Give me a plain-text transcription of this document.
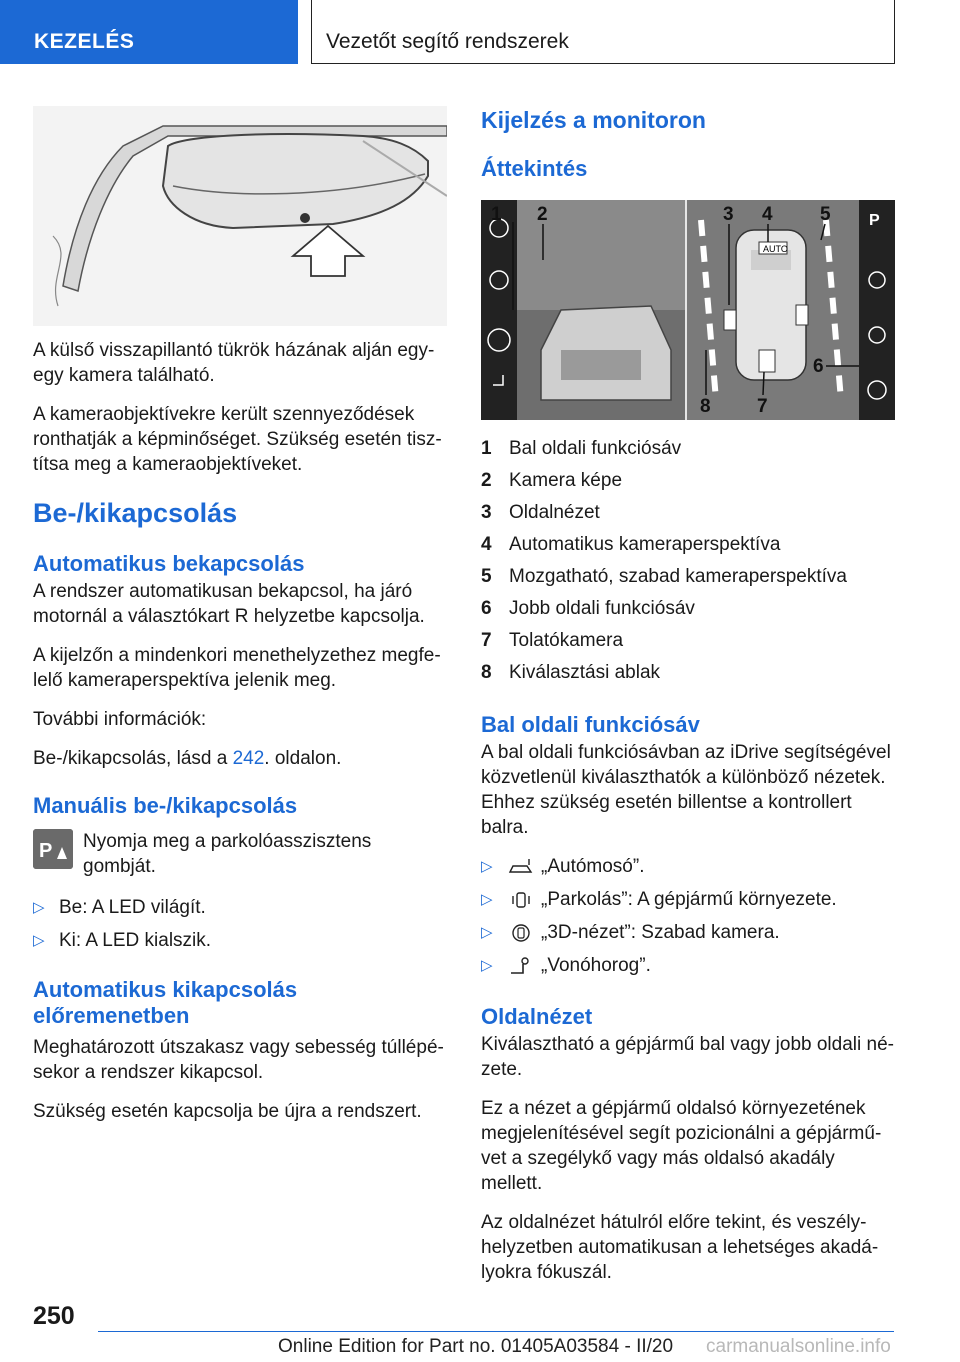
KEZELÉS	Vezetőt segítő rendszerek

A külső visszapillantó tükrök házának alján egy-egy kamera található.

A kameraobjektívekre került szennyeződések ronthatják a képminőséget. Szükség esetén tisz-títsa meg a kameraobjektíveket.

Be-/kikapcsolás
Automatikus bekapcsolás

A rendszer automatikusan bekapcsol, ha járó motornál a választókart R helyzetbe kapcsolja.

A kijelzőn a mindenkori menethelyzethez megfe-lelő kameraperspektíva jelenik meg.

További információk:

Be-/kikapcsolás, lásd a 242. oldalon.

Manuális be-/kikapcsolás
P Nyomja meg a parkolóasszisztens gombját.
▷ Be: A LED világít.
▷ Ki: A LED kialszik.
Automatikus kikapcsolás előremenetben

Meghatározott útszakasz vagy sebesség túllépé-sekor a rendszer kikapcsol.

Szükség esetén kapcsolja be újra a rendszert.

Kijelzés a monitoron
Áttekintés
AUTO
P
1 2	3 4 5
6
7
8
1 Bal oldali funkciósáv
2 Kamera képe
3 Oldalnézet
4 Automatikus kameraperspektíva
5 Mozgatható, szabad kameraperspektíva
6 Jobb oldali funkciósáv
7 Tolatókamera
8 Kiválasztási ablak
Bal oldali funkciósáv

A bal oldali funkciósávban az iDrive segítségével közvetlenül kiválaszthatók a különböző nézetek. Ehhez szükség esetén billentse a kontrollert balra.

▷	„Autómosó”.
▷	„Parkolás”: A gépjármű környezete.
▷	„3D-nézet”: Szabad kamera.
▷	„Vonóhorog”.
Oldalnézet

Kiválasztható a gépjármű bal vagy jobb oldali né-zete.

Ez a nézet a gépjármű oldalsó környezetének megjelenítésével segít pozicionálni a gépjármű-vet a szegélykő vagy más oldalsó akadály mellett.

Az oldalnézet hátulról előre tekint, és veszély-helyzetben automatikusan a lehetséges akadá-lyokra fókuszál.

250
Online Edition for Part no. 01405A03584 - II/20 carmanualsonline.info
